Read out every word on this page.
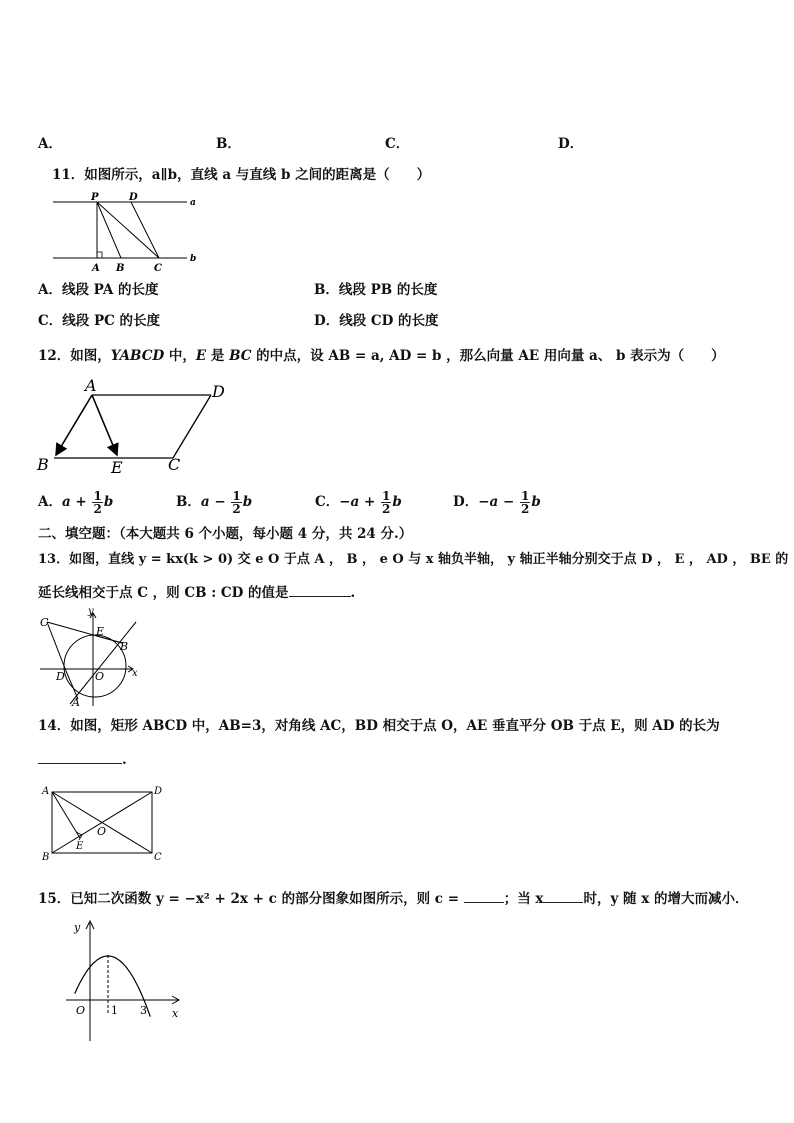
A．	B．	C．	D．
11．如图所示，a∥b，直线 a 与直线 b 之间的距离是（　　）
P	D	a
A B	C
b
A．线段 PA 的长度	B．线段 PB 的长度
C．线段 PC 的长度	D．线段 CD 的长度
12．如图，YABCD 中，E 是 BC 的中点，设 AB = a, AD = b ，那么向量 AE 用向量 a、 b 表示为（　　）
A	D
B	E	C
A．$a + \frac{1}{2}$ b	B．$a - \frac{1}{2}$ b	C．$-a + \frac{1}{2}$ b	D．$-a - \frac{1}{2}$ b
二、填空题：（本大题共 6 个小题，每小题 4 分，共 24 分.）
13．如图，直线 y = kx(k > 0) 交 e O 于点 A ， B ， e O 与 x 轴负半轴， y 轴正半轴分别交于点 D ， E ， AD ， BE 的
延长线相交于点 C ，则 CB : CD 的值是	.
y
x
C
E
B
D	O
A
14．如图，矩形 ABCD 中，AB=3，对角线 AC，BD 相交于点 O，AE 垂直平分 OB 于点 E，则 AD 的长为
.
A	D
O
E
B	C
15．已知二次函数 y = −x² + 2x + c 的部分图象如图所示，则 c =	；当 x	时，y 随 x 的增大而减小．
O 1 3 x
y
